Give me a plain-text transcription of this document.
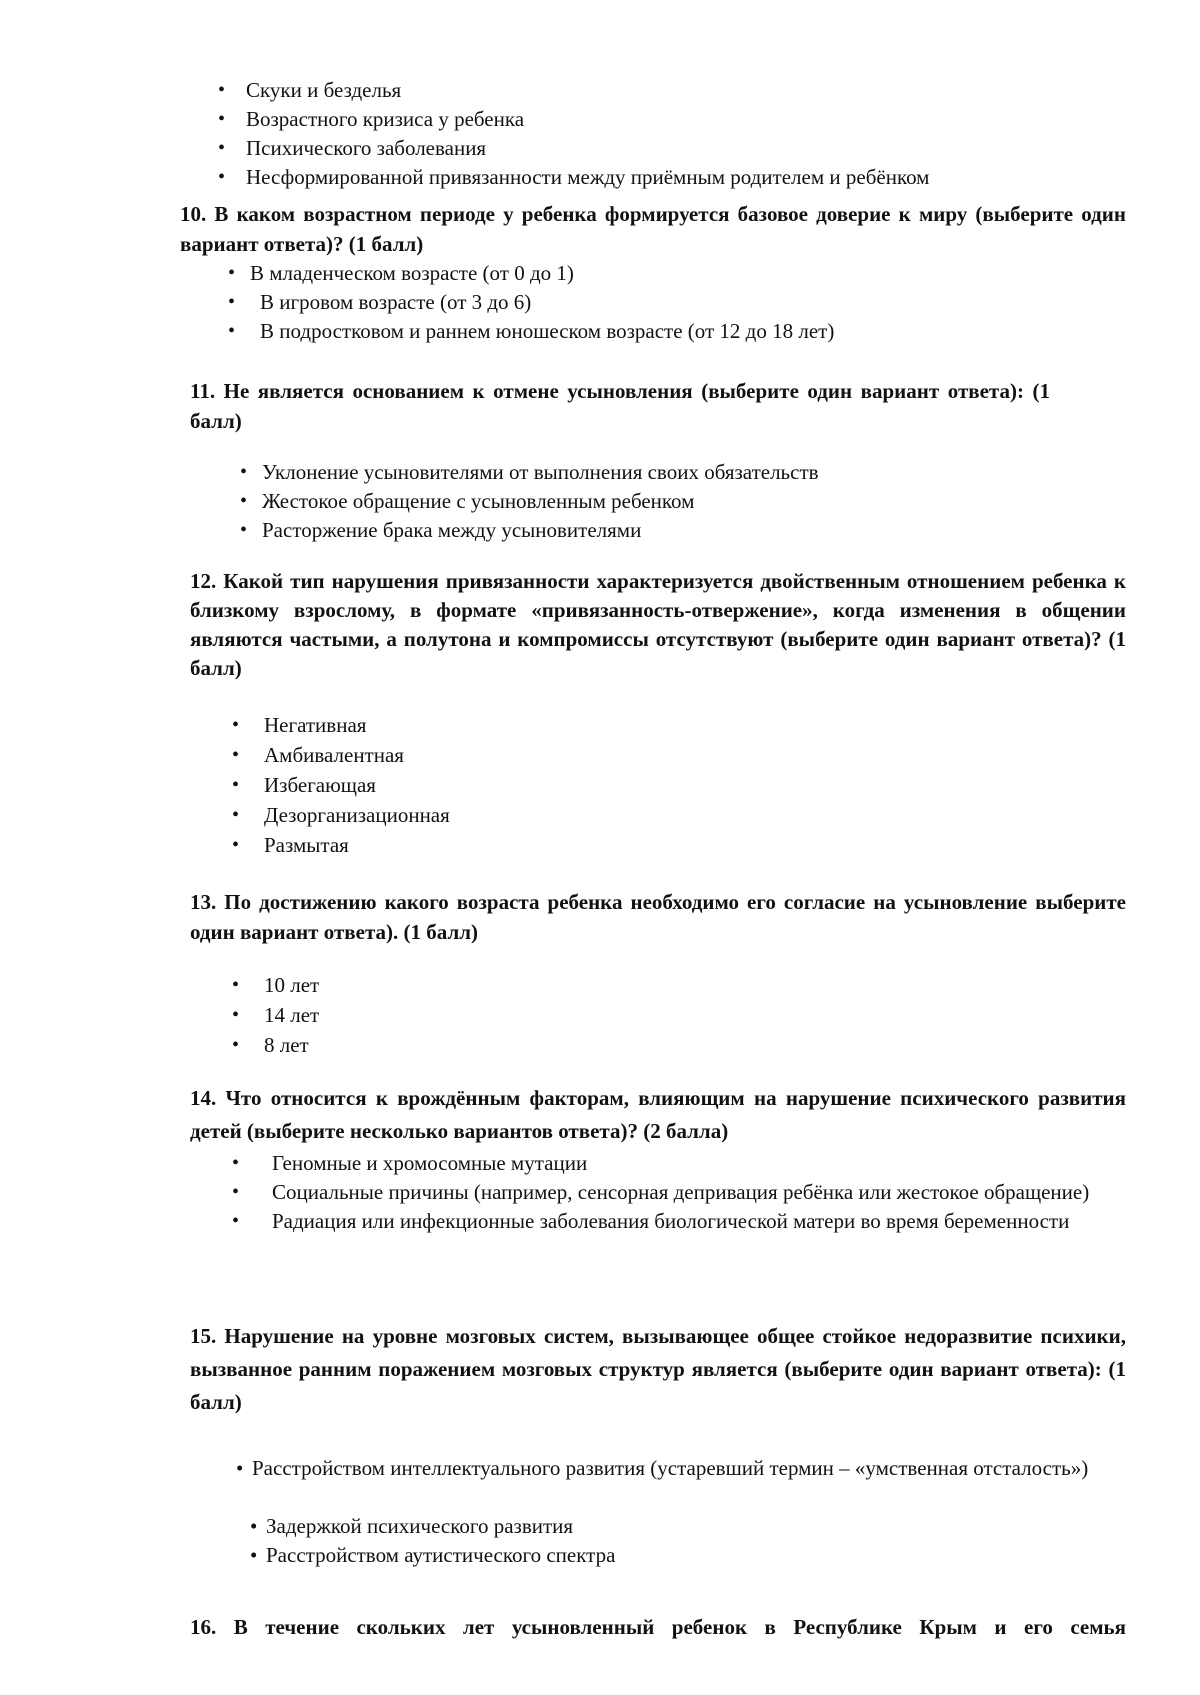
• Скуки и безделья
• Возрастного кризиса у ребенка
• Психического заболевания
• Несформированной привязанности между приёмным родителем и ребёнком

10. В каком возрастном периоде у ребенка формируется базовое доверие к миру (выберите один вариант ответа)? (1 балл)

• В младенческом возрасте (от 0 до 1)
• В игровом возрасте (от 3 до 6)
• В подростковом и раннем юношеском возрасте (от 12 до 18 лет)

11. Не является основанием к отмене усыновления (выберите один вариант ответа): (1 балл)

• Уклонение усыновителями от выполнения своих обязательств
• Жестокое обращение с усыновленным ребенком
• Расторжение брака между усыновителями

12. Какой тип нарушения привязанности характеризуется двойственным отношением ребенка к близкому взрослому, в формате «привязанность-отвержение», когда изменения в общении являются частыми, а полутона и компромиссы отсутствуют (выберите один вариант ответа)? (1 балл)

• Негативная
• Амбивалентная
• Избегающая
• Дезорганизационная
• Размытая

13. По достижению какого возраста ребенка необходимо его согласие на усыновление выберите один вариант ответа). (1 балл)

• 10 лет
• 14 лет
• 8 лет

14. Что относится к врождённым факторам, влияющим на нарушение психического развития детей (выберите несколько вариантов ответа)? (2 балла)

• Геномные и хромосомные мутации
• Социальные причины (например, сенсорная депривация ребёнка или жестокое обращение)
• Радиация или инфекционные заболевания биологической матери во время беременности

15. Нарушение на уровне мозговых систем, вызывающее общее стойкое недоразвитие психики, вызванное ранним поражением мозговых структур является (выберите один вариант ответа): (1 балл)

• Расстройством интеллектуального развития (устаревший термин – «умственная отсталость»)
• Задержкой психического развития
• Расстройством аутистического спектра

16. В течение скольких лет усыновленный ребенок в Республике Крым и его семья
